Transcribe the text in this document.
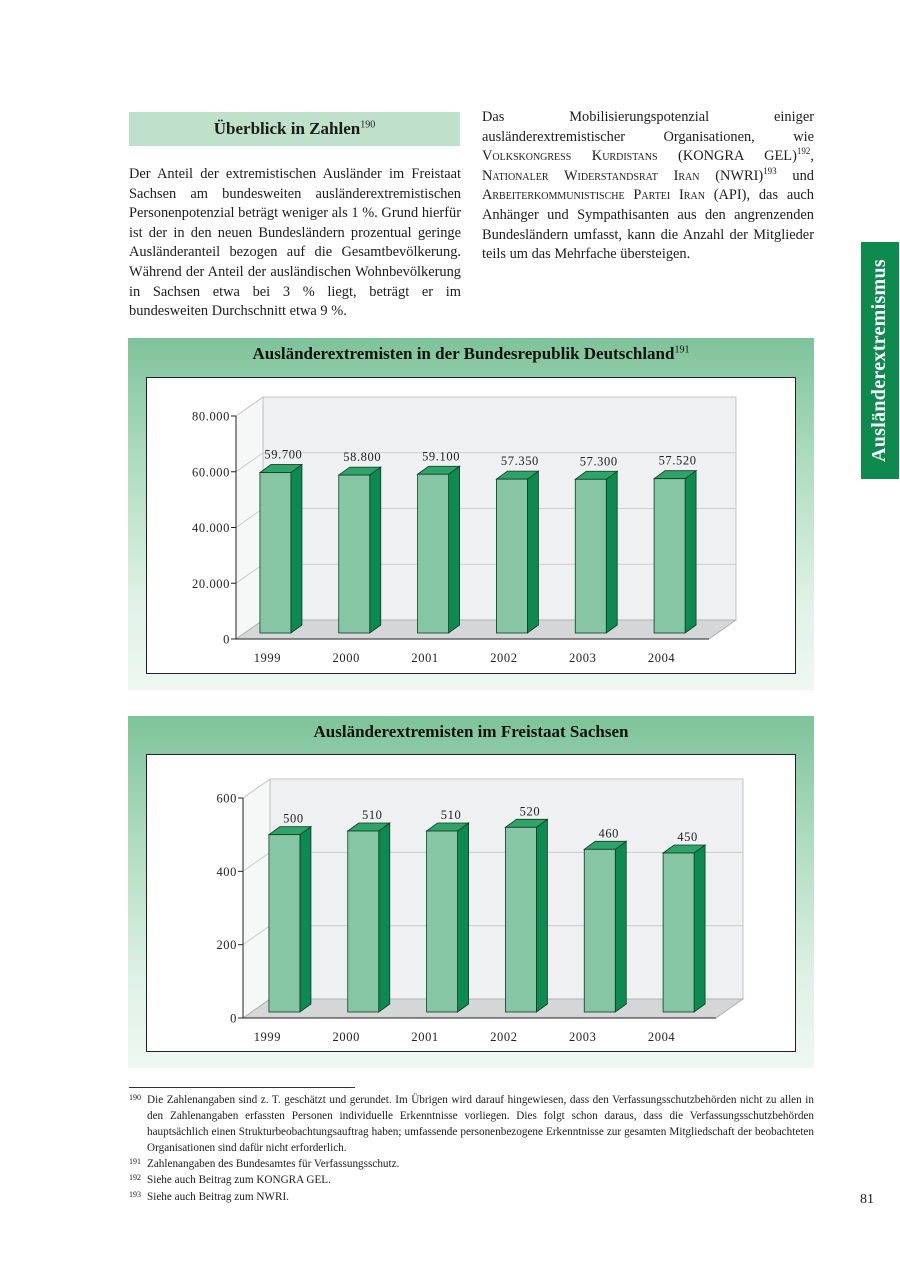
Überblick in Zahlen$^{190}$

Der Anteil der extremistischen Ausländer im Freistaat Sachsen am bundesweiten ausländerextremistischen Personenpotenzial beträgt weniger als 1 %. Grund hierfür ist der in den neuen Bundesländern prozentual geringe Ausländeranteil bezogen auf die Gesamtbevölkerung. Während der Anteil der ausländischen Wohnbevölkerung in Sachsen etwa bei 3 % liegt, beträgt er im bundesweiten Durchschnitt etwa 9 %.

Das Mobilisierungspotenzial einiger ausländerextremistischer Organisationen, wie Volkskongress Kurdistans (KONGRA GEL)$^{192}$, Nationaler Widerstandsrat Iran (NWRI)$^{193}$ und Arbeiterkommunistische Partei Iran (API), das auch Anhänger und Sympathisanten aus den angrenzenden Bundesländern umfasst, kann die Anzahl der Mitglieder teils um das Mehrfache übersteigen.

Ausländerextremismus
Ausländerextremisten in der Bundesrepublik Deutschland$^{191}$
0
20.000
40.000
60.000
80.000
59.700
1999
58.800
2000
59.100
2001
57.350
2002
57.300
2003
57.520
2004
Ausländerextremisten im Freistaat Sachsen
0
200
400
600
500
1999
510
2000
510
2001
520
2002
460
2003
450
2004
190 Die Zahlenangaben sind z. T. geschätzt und gerundet. Im Übrigen wird darauf hingewiesen, dass den Verfassungsschutzbehörden nicht zu allen in den Zahlenangaben erfassten Personen individuelle Erkenntnisse vorliegen. Dies folgt schon daraus, dass die Verfassungsschutzbehörden hauptsächlich einen Strukturbeobachtungsauftrag haben; umfassende personenbezogene Erkenntnisse zur gesamten Mitgliedschaft der beobachteten Organisationen sind dafür nicht erforderlich.
191 Zahlenangaben des Bundesamtes für Verfassungsschutz.
192 Siehe auch Beitrag zum KONGRA GEL.
193 Siehe auch Beitrag zum NWRI.	81
